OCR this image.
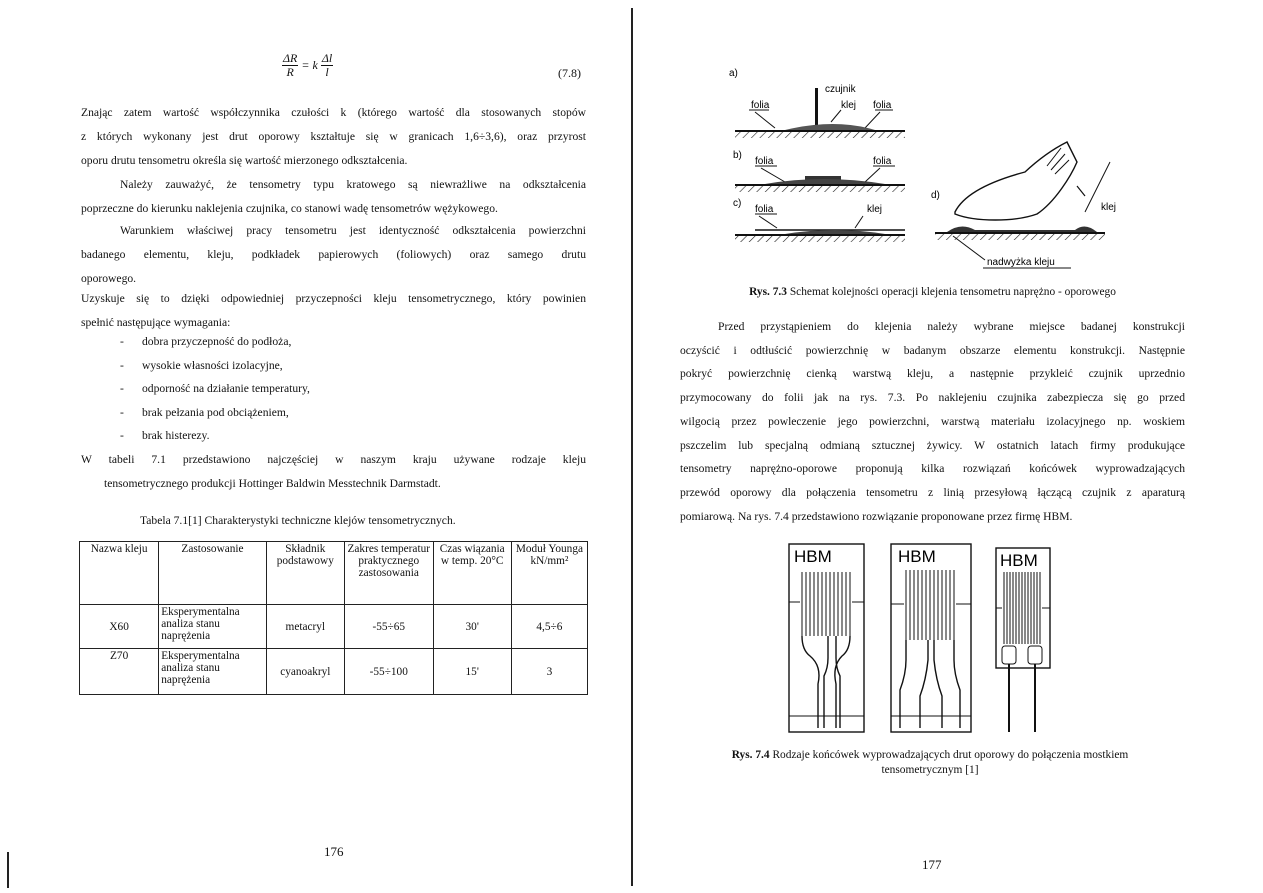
$\frac{\Delta R}{R} = k \frac{\Delta l}{l}$	(7.8)
Znając zatem wartość współczynnika czułości k (którego wartość dla stosowanych stopów
z których wykonany jest drut oporowy kształtuje się w granicach 1,6÷3,6), oraz przyrost
oporu drutu tensometru określa się wartość mierzonego odkształcenia.
Należy zauważyć, że tensometry typu kratowego są niewrażliwe na odkształcenia
poprzeczne do kierunku naklejenia czujnika, co stanowi wadę tensometrów wężykowego.
Warunkiem właściwej pracy tensometru jest identyczność odkształcenia powierzchni
badanego elementu, kleju, podkładek papierowych (foliowych) oraz samego drutu
oporowego.
Uzyskuje się to dzięki odpowiedniej przyczepności kleju tensometrycznego, który powinien
spełnić następujące wymagania:
- dobra przyczepność do podłoża,
- wysokie własności izolacyjne,
- odporność na działanie temperatury,
- brak pełzania pod obciążeniem,
- brak histerezy.
W tabeli 7.1 przedstawiono najczęściej w naszym kraju używane rodzaje kleju
tensometrycznego produkcji Hottinger Baldwin Messtechnik Darmstadt.
Tabela 7.1[1] Charakterystyki techniczne klejów tensometrycznych.
Nazwa kleju	Zastosowanie	Składnik podstawowy	Zakres temperatur praktycznego zastosowania	Czas wiązania w temp. 20°C	Moduł Younga kN/mm²
X60	Eksperymentalna analiza stanu naprężenia	metacryl	-55÷65	30'	4,5÷6
Z70	Eksperymentalna analiza stanu naprężenia	cyanoakryl	-55÷100	15'	3
176
a)
czujnik
folia	klej folia
b)
folia	folia
c)
folia	klej
d)
klej
nadwyżka kleju
Rys. 7.3 Schemat kolejności operacji klejenia tensometru naprężno - oporowego
Przed przystąpieniem do klejenia należy wybrane miejsce badanej konstrukcji
oczyścić i odtłuścić powierzchnię w badanym obszarze elementu konstrukcji. Następnie
pokryć powierzchnię cienką warstwą kleju, a następnie przykleić czujnik uprzednio
przymocowany do folii jak na rys. 7.3. Po naklejeniu czujnika zabezpiecza się go przed
wilgocią przez powleczenie jego powierzchni, warstwą materiału izolacyjnego np. woskiem
pszczelim lub specjalną odmianą sztucznej żywicy. W ostatnich latach firmy produkujące
tensometry naprężno-oporowe proponują kilka rozwiązań końcówek wyprowadzających
przewód oporowy dla połączenia tensometru z linią przesyłową łączącą czujnik z aparaturą
pomiarową. Na rys. 7.4 przedstawiono rozwiązanie proponowane przez firmę HBM.
HBM	HBM	HBM
Rys. 7.4 Rodzaje końcówek wyprowadzających drut oporowy do połączenia mostkiem
tensometrycznym [1]
177
